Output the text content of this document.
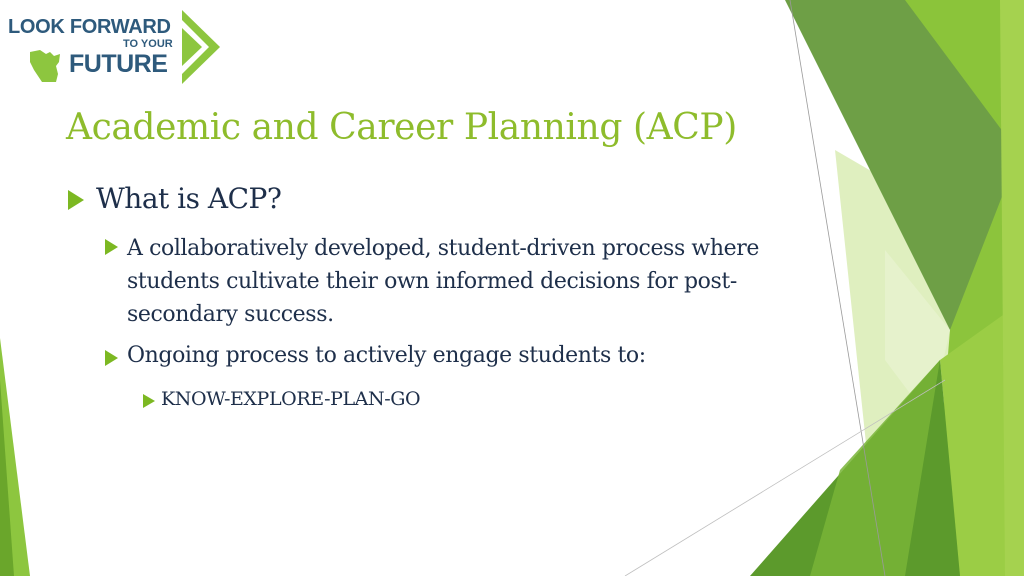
LOOK FORWARD
TO YOUR
FUTURE
Academic and Career Planning (ACP)
What is ACP?
A collaboratively developed, student-driven process where students cultivate their own informed decisions for post-secondary success.
Ongoing process to actively engage students to:
KNOW-EXPLORE-PLAN-GO
